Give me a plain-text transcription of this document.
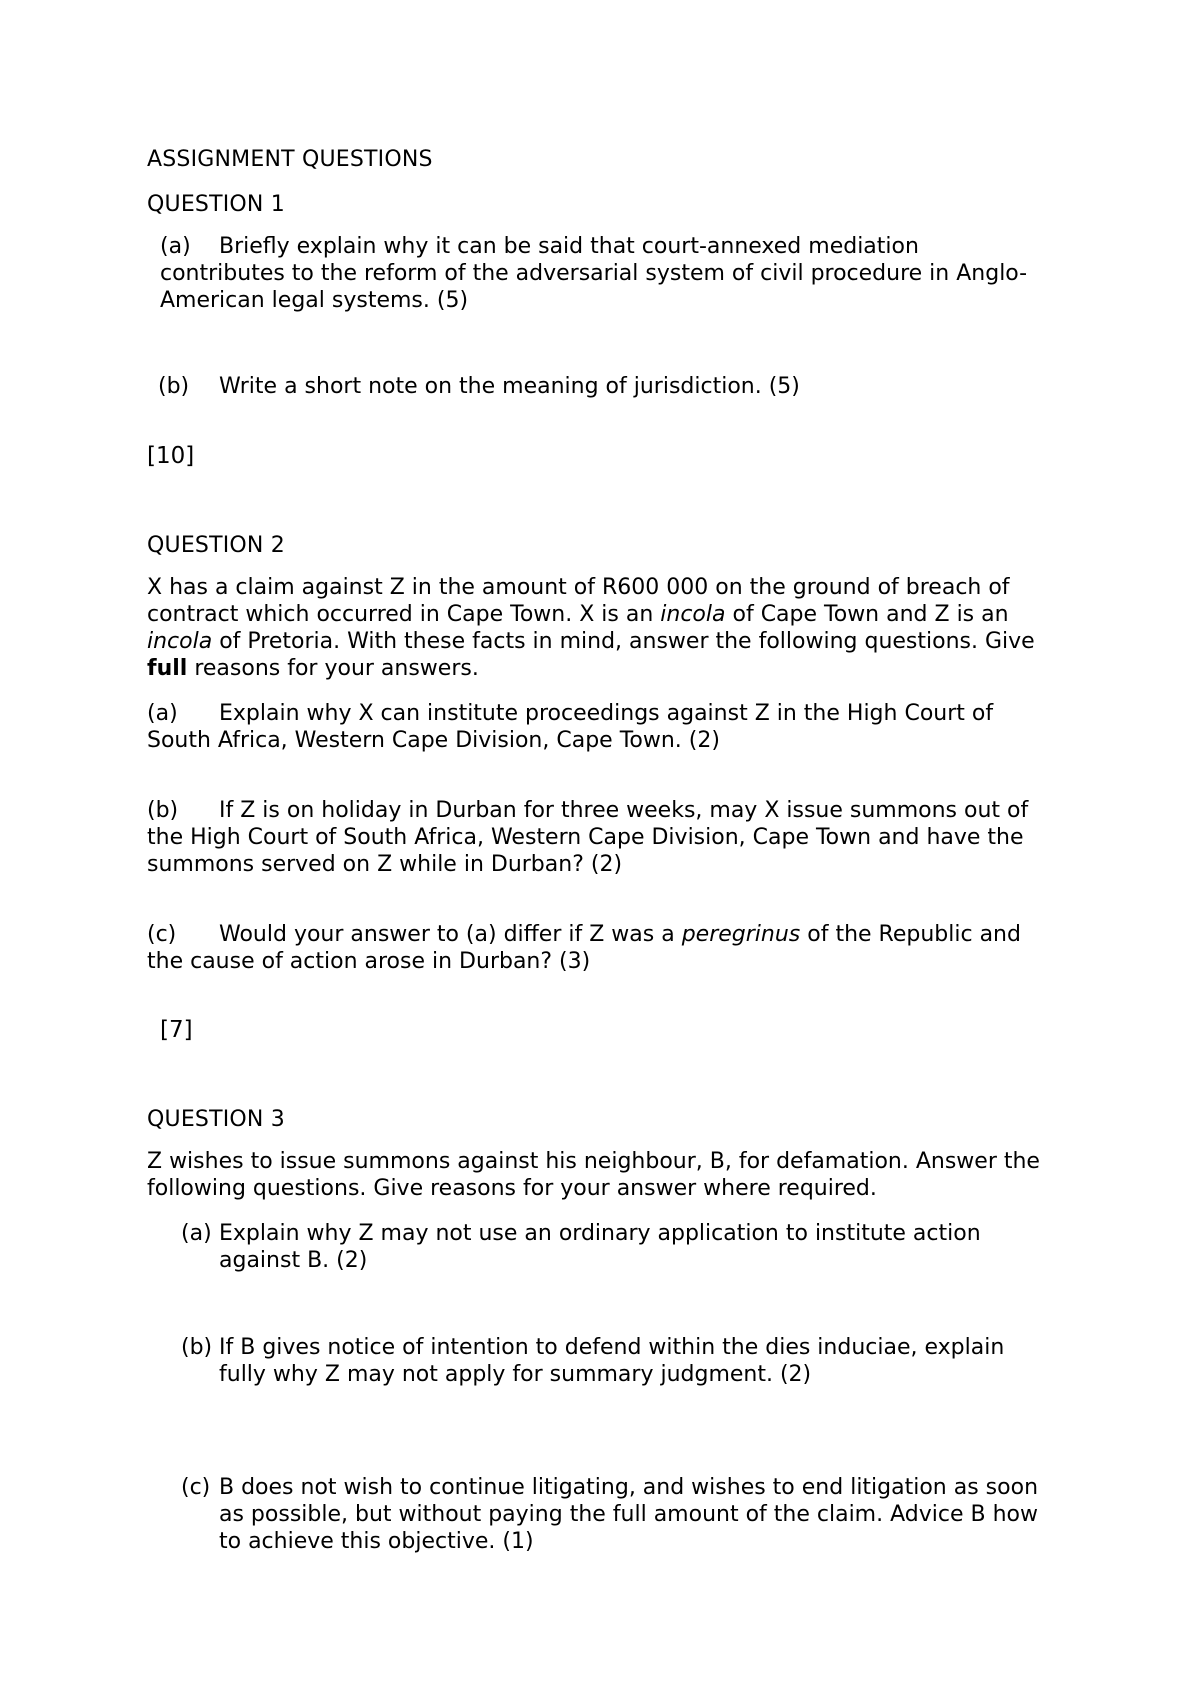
ASSIGNMENT QUESTIONS
QUESTION 1
(a) Briefly explain why it can be said that court-annexed mediation
contributes to the reform of the adversarial system of civil procedure in Anglo-
American legal systems. (5)
(b) Write a short note on the meaning of jurisdiction. (5)
[10]
QUESTION 2
X has a claim against Z in the amount of R600 000 on the ground of breach of
contract which occurred in Cape Town. X is an incola of Cape Town and Z is an
incola of Pretoria. With these facts in mind, answer the following questions. Give
full reasons for your answers.
(a) Explain why X can institute proceedings against Z in the High Court of
South Africa, Western Cape Division, Cape Town. (2)
(b) If Z is on holiday in Durban for three weeks, may X issue summons out of
the High Court of South Africa, Western Cape Division, Cape Town and have the
summons served on Z while in Durban? (2)
(c) Would your answer to (a) differ if Z was a peregrinus of the Republic and
the cause of action arose in Durban? (3)
[7]
QUESTION 3
Z wishes to issue summons against his neighbour, B, for defamation. Answer the
following questions. Give reasons for your answer where required.
(a) Explain why Z may not use an ordinary application to institute action
against B. (2)
(b) If B gives notice of intention to defend within the dies induciae, explain
fully why Z may not apply for summary judgment. (2)
(c) B does not wish to continue litigating, and wishes to end litigation as soon
as possible, but without paying the full amount of the claim. Advice B how
to achieve this objective. (1)
